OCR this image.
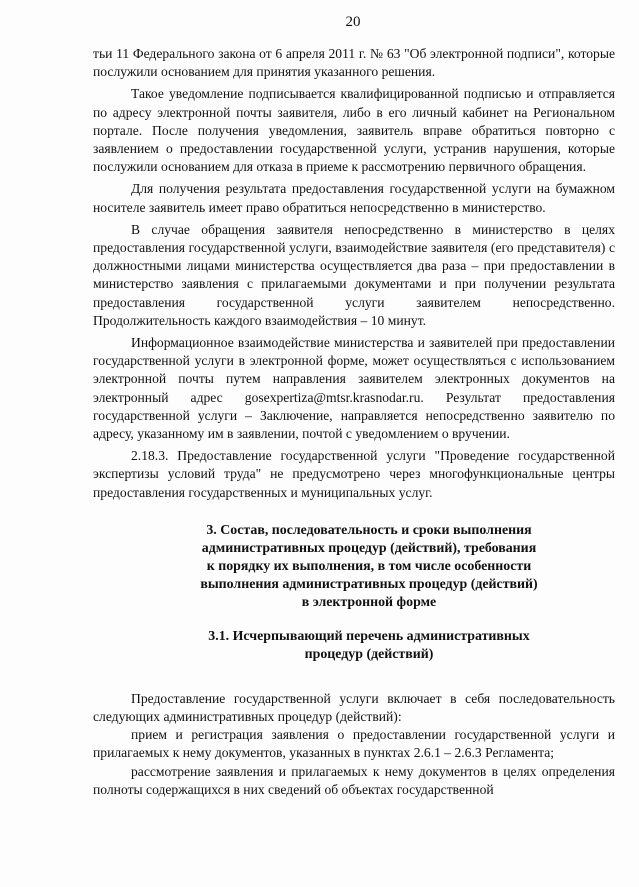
20

тьи 11 Федерального закона от 6 апреля 2011 г. № 63 "Об электронной подписи", которые послужили основанием для принятия указанного решения.

Такое уведомление подписывается квалифицированной подписью и отправляется по адресу электронной почты заявителя, либо в его личный кабинет на Региональном портале. После получения уведомления, заявитель вправе обратиться повторно с заявлением о предоставлении государственной услуги, устранив нарушения, которые послужили основанием для отказа в приеме к рассмотрению первичного обращения.

Для получения результата предоставления государственной услуги на бумажном носителе заявитель имеет право обратиться непосредственно в министерство.

В случае обращения заявителя непосредственно в министерство в целях предоставления государственной услуги, взаимодействие заявителя (его представителя) с должностными лицами министерства осуществляется два раза – при предоставлении в министерство заявления с прилагаемыми документами и при получении результата предоставления государственной услуги заявителем непосредственно. Продолжительность каждого взаимодействия – 10 минут.

Информационное взаимодействие министерства и заявителей при предоставлении государственной услуги в электронной форме, может осуществляться с использованием электронной почты путем направления заявителем электронных документов на электронный адрес gosexpertiza@mtsr.krasnodar.ru. Результат предоставления государственной услуги – Заключение, направляется непосредственно заявителю по адресу, указанному им в заявлении, почтой с уведомлением о вручении.

2.18.3. Предоставление государственной услуги "Проведение государственной экспертизы условий труда" не предусмотрено через многофункциональные центры предоставления государственных и муниципальных услуг.

3. Состав, последовательность и сроки выполнения

административных процедур (действий), требования

к порядку их выполнения, в том числе особенности

выполнения административных процедур (действий)

в электронной форме

3.1. Исчерпывающий перечень административных

процедур (действий)

Предоставление государственной услуги включает в себя последовательность следующих административных процедур (действий):

прием и регистрация заявления о предоставлении государственной услуги и прилагаемых к нему документов, указанных в пунктах 2.6.1 – 2.6.3 Регламента;

рассмотрение заявления и прилагаемых к нему документов в целях определения полноты содержащихся в них сведений об объектах государственной
